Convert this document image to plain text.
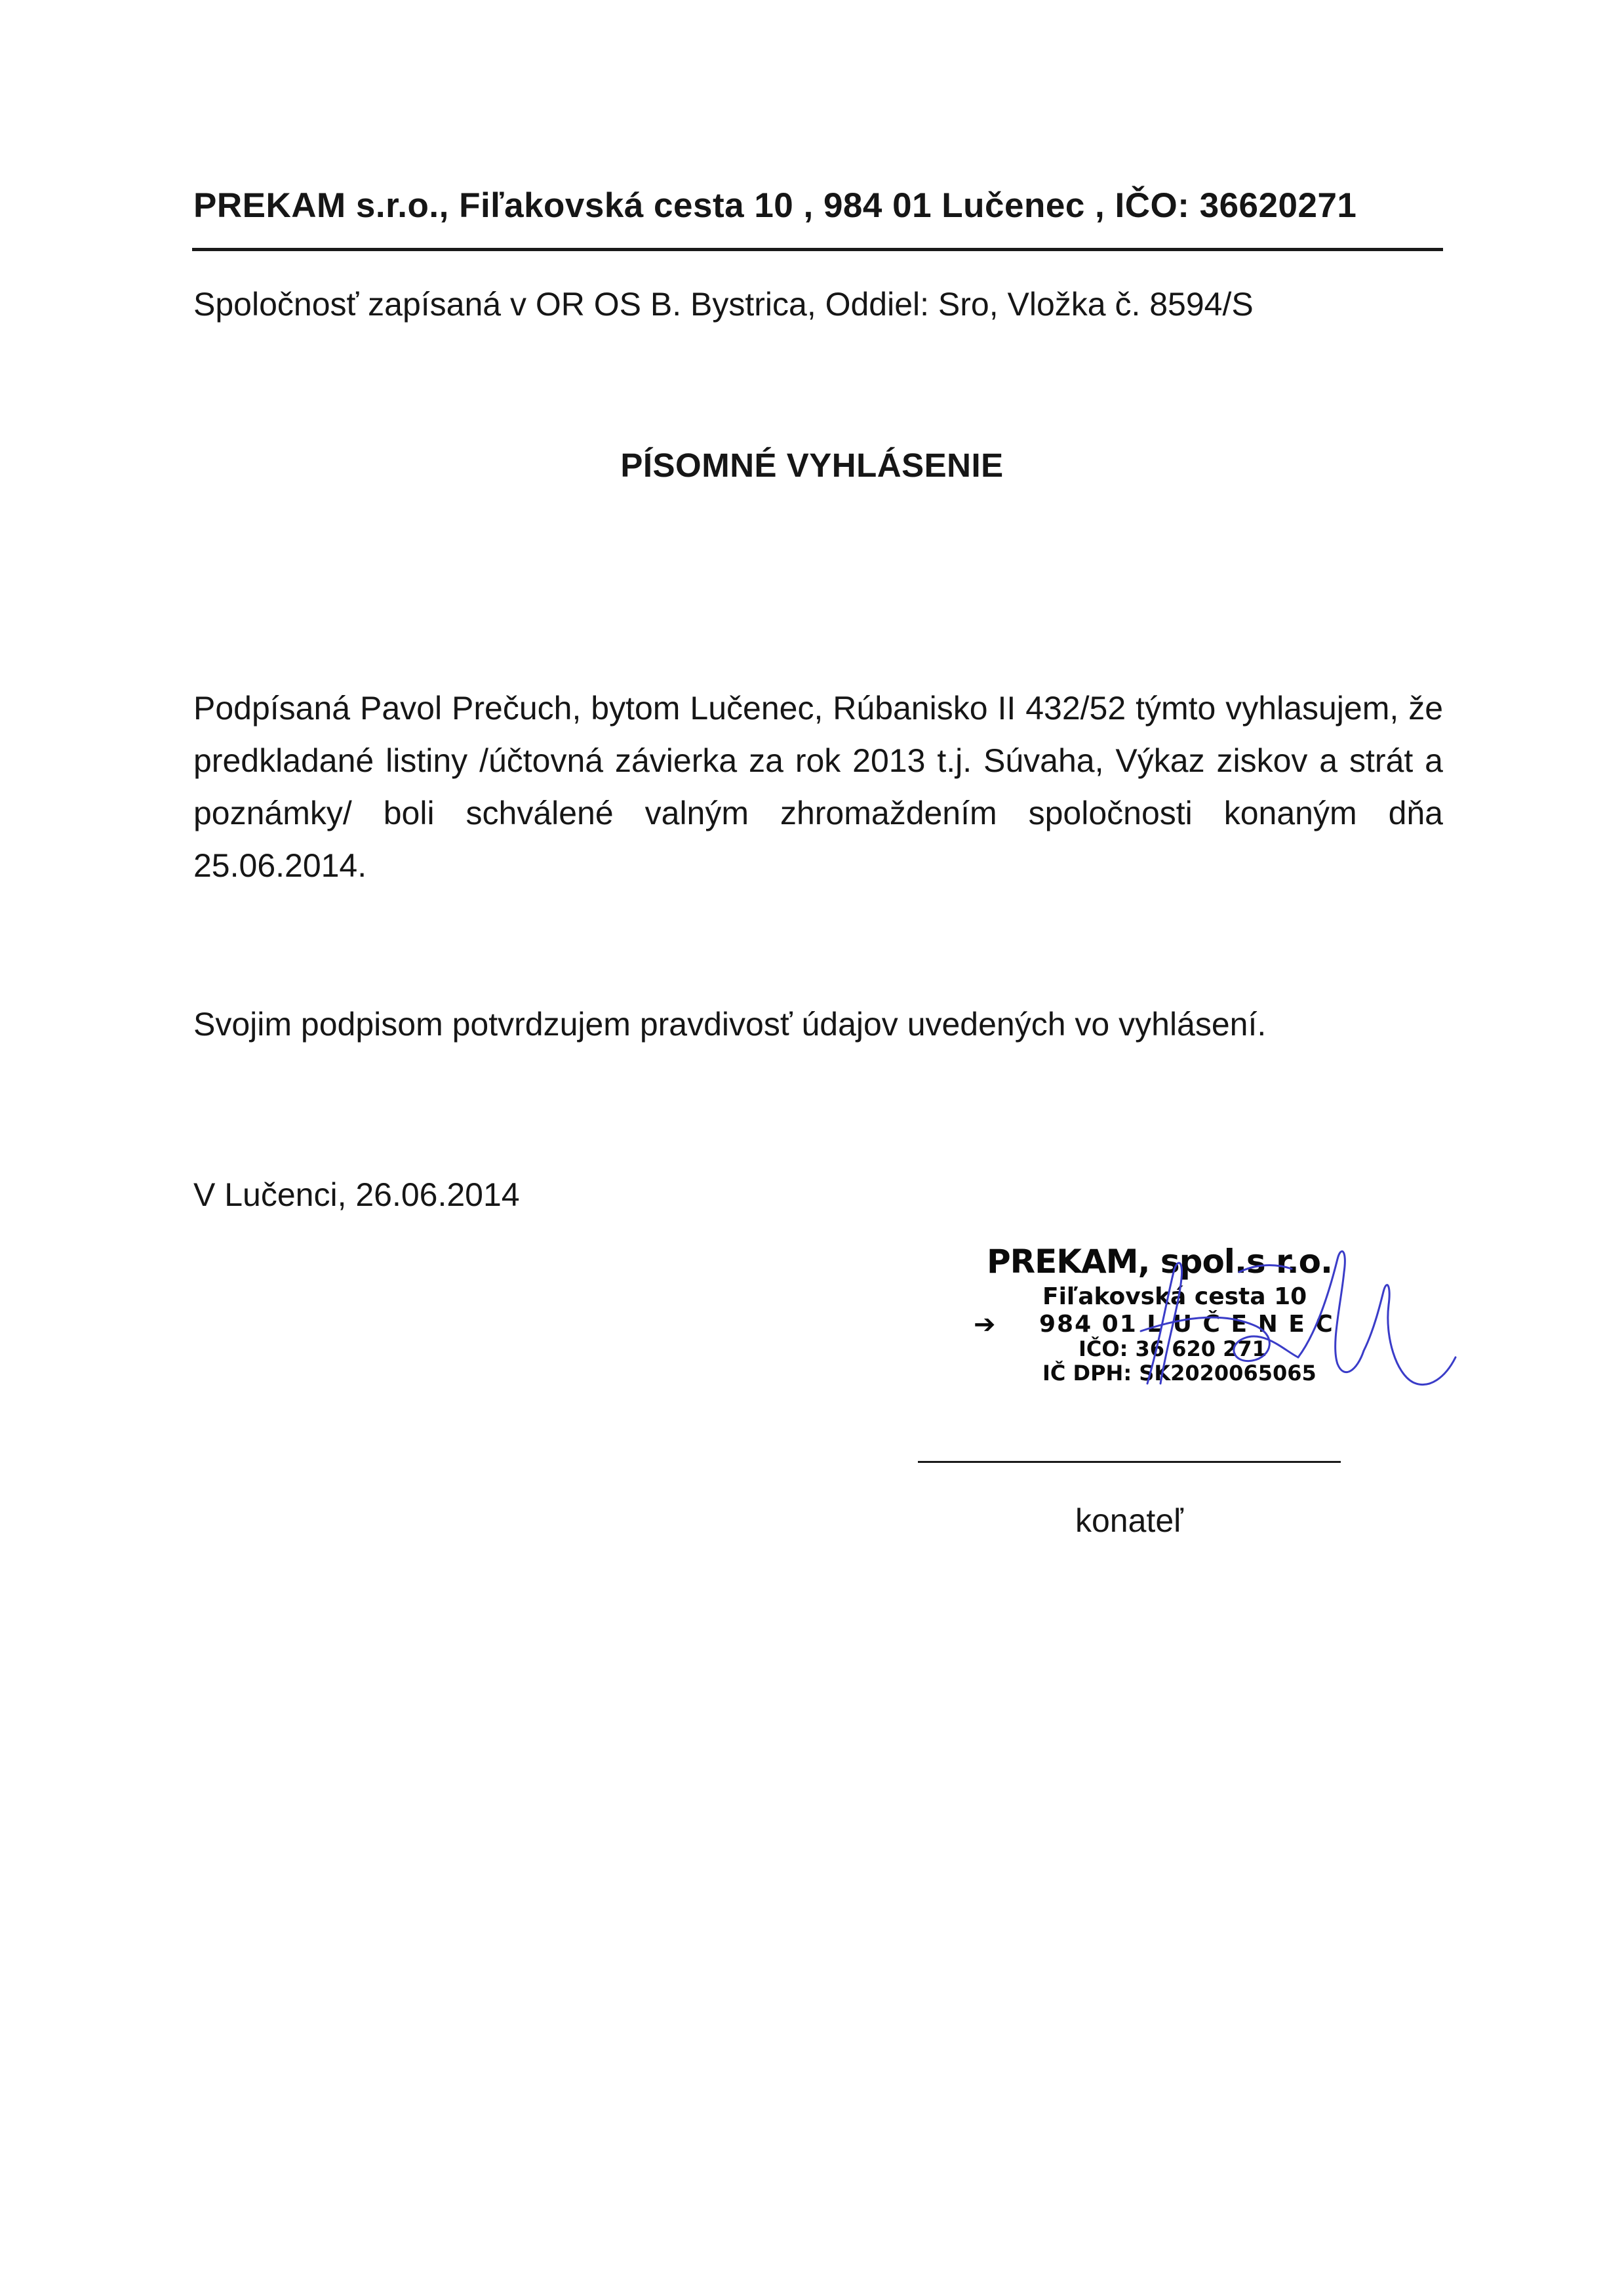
PREKAM s.r.o., Fiľakovská cesta 10 , 984 01 Lučenec , IČO: 36620271
Spoločnosť zapísaná v OR OS B. Bystrica, Oddiel: Sro, Vložka č. 8594/S
PÍSOMNÉ VYHLÁSENIE
Podpísaná Pavol Prečuch, bytom Lučenec, Rúbanisko II 432/52 týmto vyhlasujem, že predkladané listiny /účtovná závierka za rok 2013 t.j. Súvaha, Výkaz ziskov a strát a poznámky/ boli schválené valným zhromaždením spoločnosti konaným dňa 25.06.2014.
Svojim podpisom potvrdzujem pravdivosť údajov uvedených vo vyhlásení.
V Lučenci, 26.06.2014
PREKAM, spol.s r.o.
Fiľakovská cesta 10
➔ 984 01 L U Č E N E C
IČO: 36 620 271
IČ DPH: SK2020065065
konateľ
